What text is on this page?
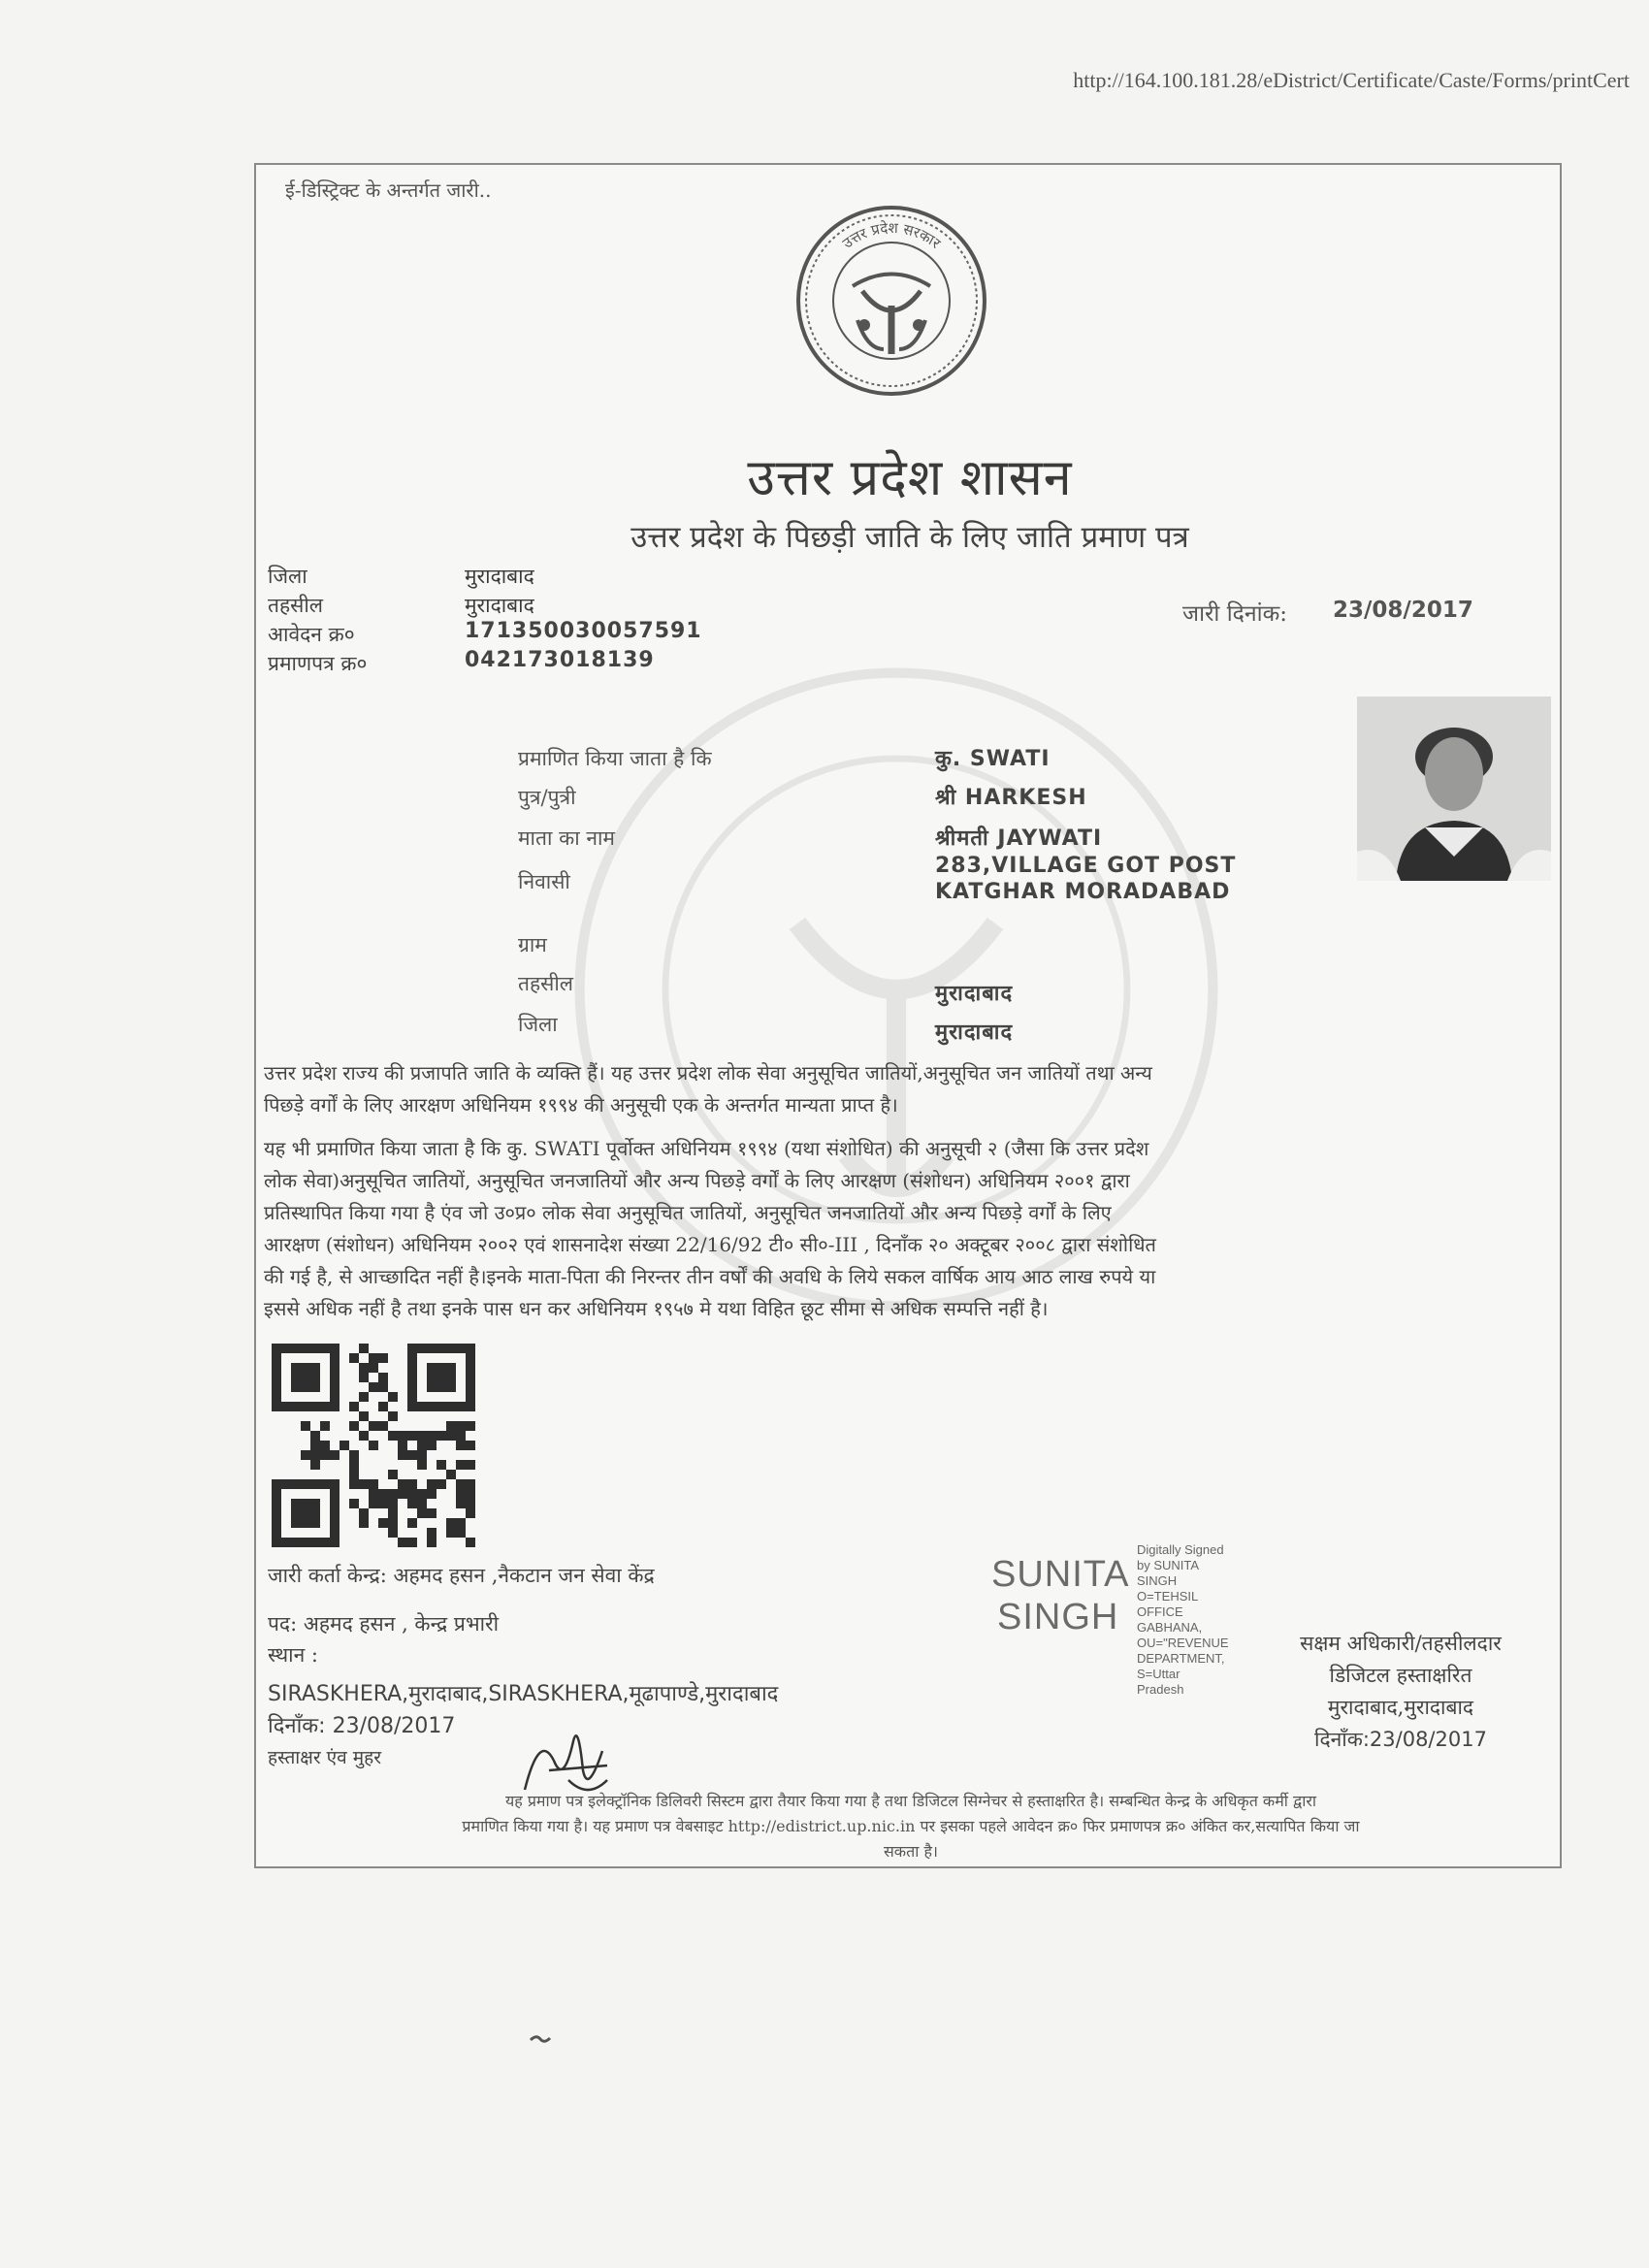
http://164.100.181.28/eDistrict/Certificate/Caste/Forms/printCert
ई-डिस्ट्रिक्ट के अन्तर्गत जारी..
उत्तर प्रदेश सरकार
उत्तर प्रदेश शासन
उत्तर प्रदेश के पिछड़ी जाति के लिए जाति प्रमाण पत्र
जिला	मुरादाबाद
तहसील	मुरादाबाद
आवेदन क्र०	171350030057591
प्रमाणपत्र क्र०	042173018139
जारी दिनांक: 23/08/2017
प्रमाणित किया जाता है कि	कु. SWATI
पुत्र/पुत्री	श्री HARKESH
माता का नाम	श्रीमती JAYWATI
निवासी
283,VILLAGE GOT POST
KATGHAR MORADABAD
ग्राम
तहसील	मुरादाबाद
जिला	मुरादाबाद
उत्तर प्रदेश राज्य की प्रजापति जाति के व्यक्ति हैं। यह उत्तर प्रदेश लोक सेवा अनुसूचित जातियों,अनुसूचित जन जातियों तथा अन्य
पिछड़े वर्गों के लिए आरक्षण अधिनियम १९९४ की अनुसूची एक के अन्तर्गत मान्यता प्राप्त है।
यह भी प्रमाणित किया जाता है कि कु. SWATI पूर्वोक्त अधिनियम १९९४ (यथा संशोधित) की अनुसूची २ (जैसा कि उत्तर प्रदेश
लोक सेवा)अनुसूचित जातियों, अनुसूचित जनजातियों और अन्य पिछड़े वर्गों के लिए आरक्षण (संशोधन) अधिनियम २००१ द्वारा
प्रतिस्थापित किया गया है एंव जो उ०प्र० लोक सेवा अनुसूचित जातियों, अनुसूचित जनजातियों और अन्य पिछड़े वर्गों के लिए
आरक्षण (संशोधन) अधिनियम २००२ एवं शासनादेश संख्या 22/16/92 टी० सी०-III , दिनाँक २० अक्टूबर २००८ द्वारा संशोधित
की गई है, से आच्छादित नहीं है।इनके माता-पिता की निरन्तर तीन वर्षों की अवधि के लिये सकल वार्षिक आय आठ लाख रुपये या
इससे अधिक नहीं है तथा इनके पास धन कर अधिनियम १९५७ मे यथा विहित छूट सीमा से अधिक सम्पत्ति नहीं है।
जारी कर्ता केन्द्र: अहमद हसन ,नैकटान जन सेवा केंद्र
पद: अहमद हसन , केन्द्र प्रभारी
स्थान :
SIRASKHERA,मुरादाबाद,SIRASKHERA,मूढापाण्डे,मुरादाबाद
दिनाँक: 23/08/2017
हस्ताक्षर एंव मुहर
SUNITA
SINGH
Digitally Signed
by SUNITA
SINGH
O=TEHSIL
OFFICE
GABHANA,
OU="REVENUE
DEPARTMENT,
S=Uttar
Pradesh
सक्षम अधिकारी/तहसीलदार
डिजिटल हस्ताक्षरित
मुरादाबाद,मुरादाबाद
दिनाँक:23/08/2017
यह प्रमाण पत्र इलेक्ट्रॉनिक डिलिवरी सिस्टम द्वारा तैयार किया गया है तथा डिजिटल सिग्नेचर से हस्ताक्षरित है। सम्बन्धित केन्द्र के अधिकृत कर्मी द्वारा
प्रमाणित किया गया है। यह प्रमाण पत्र वेबसाइट http://edistrict.up.nic.in पर इसका पहले आवेदन क्र० फिर प्रमाणपत्र क्र० अंकित कर,सत्यापित किया जा
सकता है।
